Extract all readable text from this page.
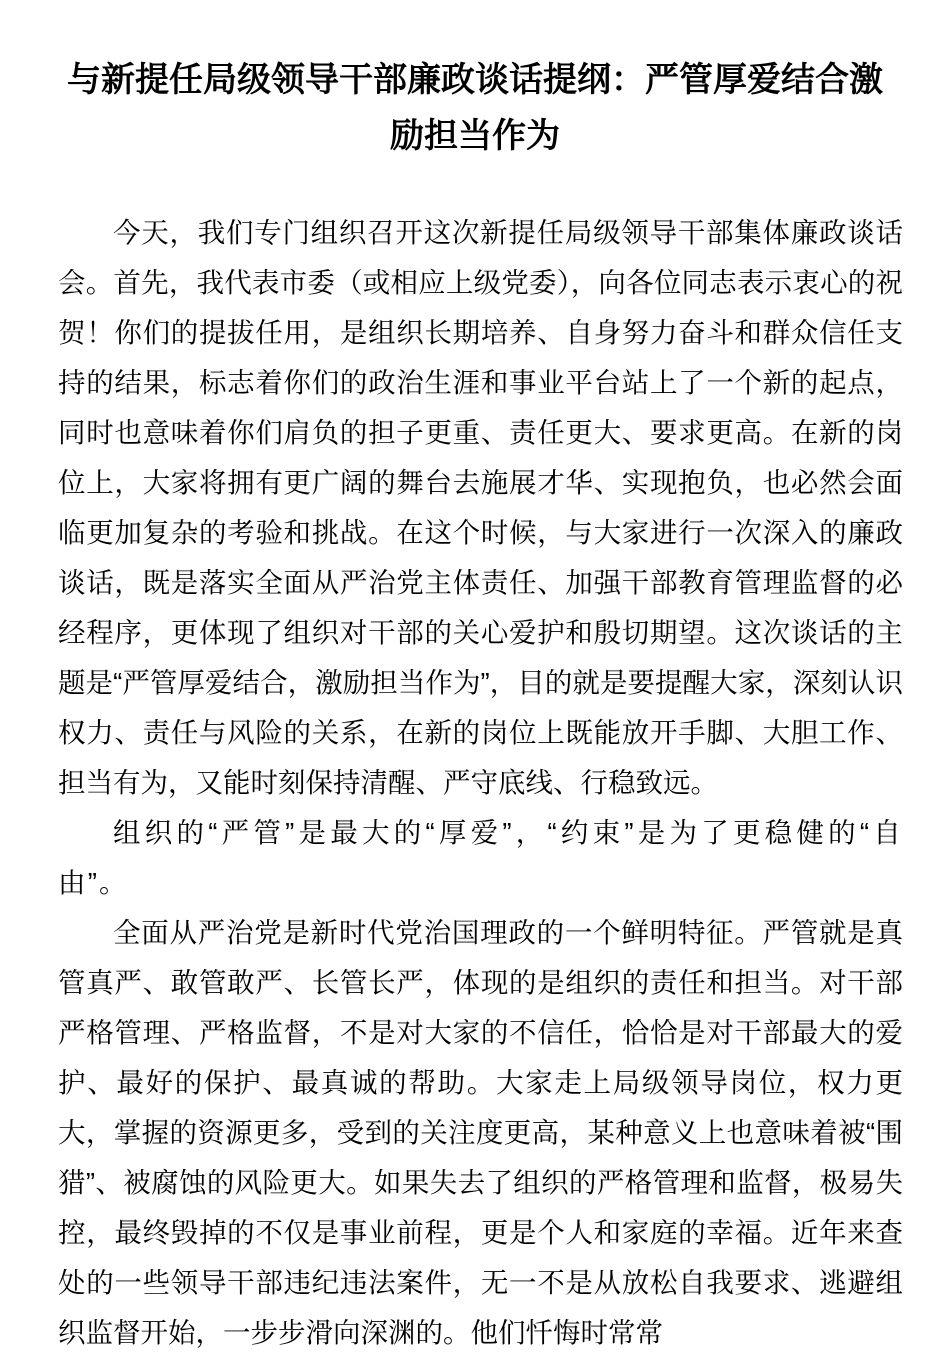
与新提任局级领导干部廉政谈话提纲：严管厚爱结合激励担当作为

今天，我们专门组织召开这次新提任局级领导干部集体廉政谈话会。首先，我代表市委（或相应上级党委），向各位同志表示衷心的祝贺！你们的提拔任用，是组织长期培养、自身努力奋斗和群众信任支持的结果，标志着你们的政治生涯和事业平台站上了一个新的起点，同时也意味着你们肩负的担子更重、责任更大、要求更高。在新的岗位上，大家将拥有更广阔的舞台去施展才华、实现抱负，也必然会面临更加复杂的考验和挑战。在这个时候，与大家进行一次深入的廉政谈话，既是落实全面从严治党主体责任、加强干部教育管理监督的必经程序，更体现了组织对干部的关心爱护和殷切期望。这次谈话的主题是“严管厚爱结合，激励担当作为”，目的就是要提醒大家，深刻认识权力、责任与风险的关系，在新的岗位上既能放开手脚、大胆工作、担当有为，又能时刻保持清醒、严守底线、行稳致远。

组织的“严管”是最大的“厚爱”，“约束”是为了更稳健的“自由”。

全面从严治党是新时代党治国理政的一个鲜明特征。严管就是真管真严、敢管敢严、长管长严，体现的是组织的责任和担当。对干部严格管理、严格监督，不是对大家的不信任，恰恰是对干部最大的爱护、最好的保护、最真诚的帮助。大家走上局级领导岗位，权力更大，掌握的资源更多，受到的关注度更高，某种意义上也意味着被“围猎”、被腐蚀的风险更大。如果失去了组织的严格管理和监督，极易失控，最终毁掉的不仅是事业前程，更是个人和家庭的幸福。近年来查处的一些领导干部违纪违法案件，无一不是从放松自我要求、逃避组织监督开始，一步步滑向深渊的。他们忏悔时常常
